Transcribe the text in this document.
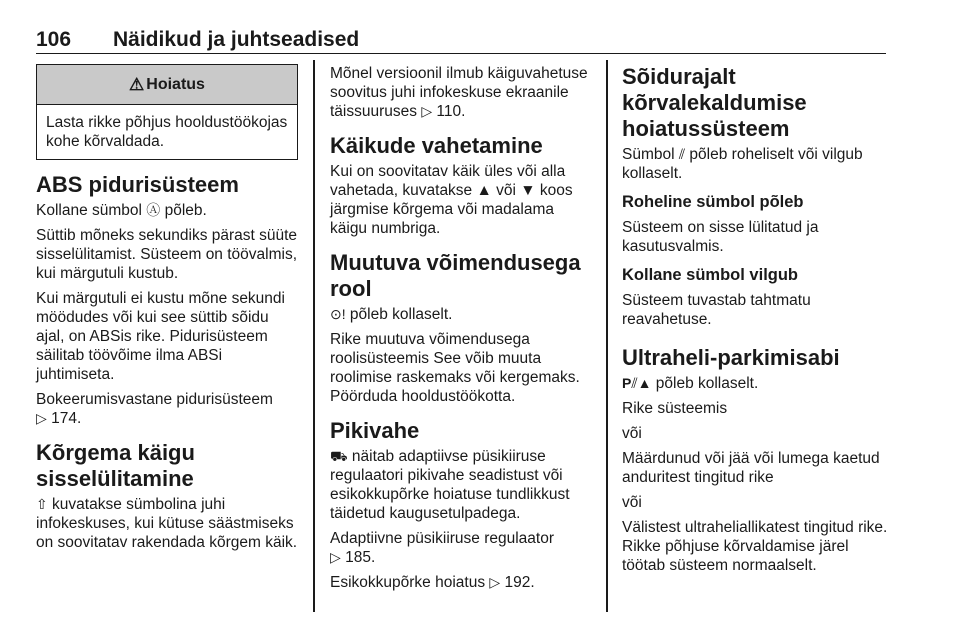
106 Näidikud ja juhtseadised
⚠ Hoiatus
Lasta rikke põhjus hooldustöökojas kohe kõrvaldada.
ABS pidurisüsteem

Kollane sümbol Ⓐ põleb.

Süttib mõneks sekundiks pärast süüte sisselülitamist. Süsteem on töövalmis, kui märgutuli kustub.

Kui märgutuli ei kustu mõne sekundi möödudes või kui see süttib sõidu ajal, on ABSis rike. Pidurisüsteem säilitab töövõime ilma ABSi juhtimiseta.

Bokeerumisvastane pidurisüsteem
▷ 174.

Kõrgema käigu sisselülitamine

⇧ kuvatakse sümbolina juhi infokeskuses, kui kütuse säästmiseks on soovitatav rakendada kõrgem käik.

Mõnel versioonil ilmub käiguvahetuse soovitus juhi infokeskuse ekraanile täissuuruses ▷ 110.

Käikude vahetamine

Kui on soovitatav käik üles või alla vahetada, kuvatakse ▲ või ▼ koos järgmise kõrgema või madalama käigu numbriga.

Muutuva võimendusega rool

⊙! põleb kollaselt.

Rike muutuva võimendusega roolisüsteemis See võib muuta roolimise raskemaks või kergemaks. Pöörduda hooldustöökotta.

Pikivahe

⛟ näitab adaptiivse püsikiiruse regulaatori pikivahe seadistust või esikokkupõrke hoiatuse tundlikkust täidetud kaugusetulpadega.

Adaptiivne püsikiiruse regulaator
▷ 185.

Esikokkupõrke hoiatus ▷ 192.

Sõidurajalt kõrvalekaldumise hoiatussüsteem

Sümbol ⫽ põleb roheliselt või vilgub kollaselt.

Roheline sümbol põleb

Süsteem on sisse lülitatud ja kasutusvalmis.

Kollane sümbol vilgub

Süsteem tuvastab tahtmatu reavahetuse.

Ultraheli-parkimisabi

P⫽▲ põleb kollaselt.

Rike süsteemis

või

Määrdunud või jää või lumega kaetud anduritest tingitud rike

või

Välistest ultraheliallikatest tingitud rike. Rikke põhjuse kõrvaldamise järel töötab süsteem normaalselt.
